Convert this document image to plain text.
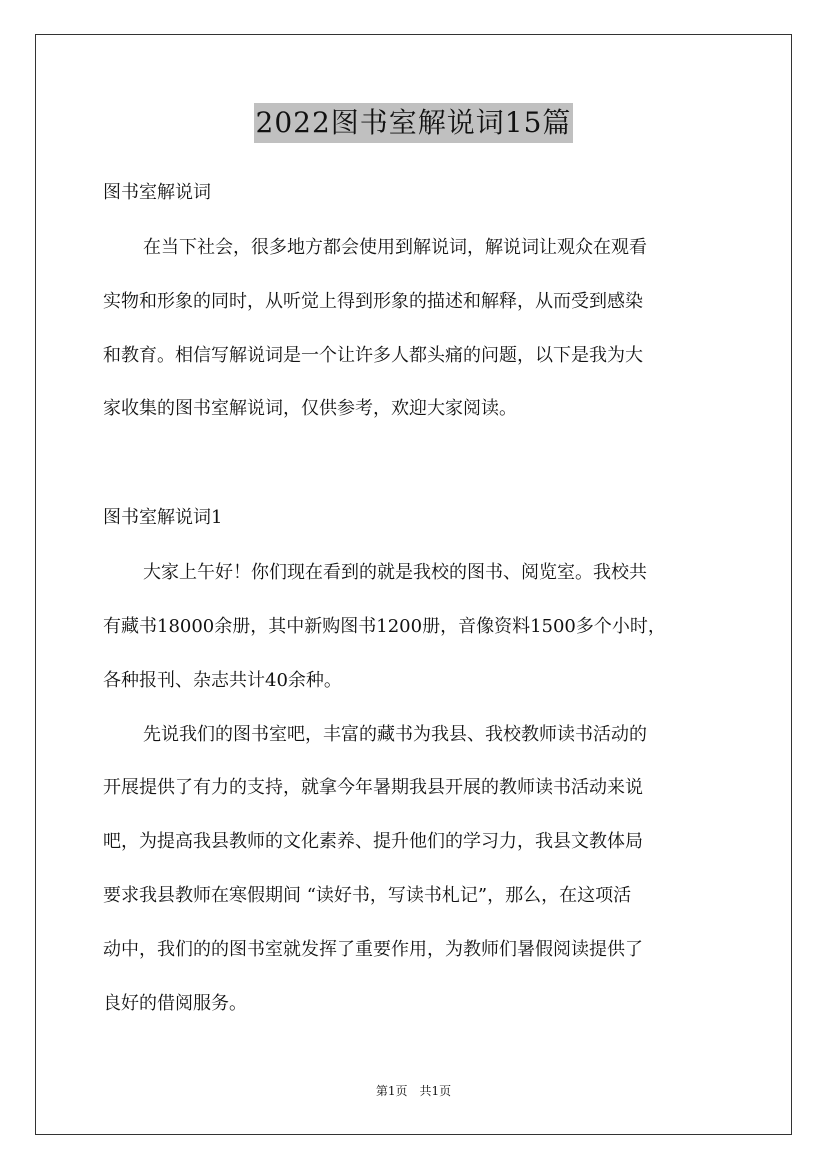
2022图书室解说词15篇
图书室解说词
在当下社会，很多地方都会使用到解说词，解说词让观众在观看
实物和形象的同时，从听觉上得到形象的描述和解释，从而受到感染
和教育。相信写解说词是一个让许多人都头痛的问题，以下是我为大
家收集的图书室解说词，仅供参考，欢迎大家阅读。
图书室解说词1
大家上午好！你们现在看到的就是我校的图书、阅览室。我校共
有藏书18000余册，其中新购图书1200册，音像资料1500多个小时，
各种报刊、杂志共计40余种。
先说我们的图书室吧，丰富的藏书为我县、我校教师读书活动的
开展提供了有力的支持，就拿今年暑期我县开展的教师读书活动来说
吧，为提高我县教师的文化素养、提升他们的学习力，我县文教体局
要求我县教师在寒假期间 “读好书，写读书札记”，那么，在这项活
动中，我们的的图书室就发挥了重要作用，为教师们暑假阅读提供了
良好的借阅服务。
第1页　共1页
